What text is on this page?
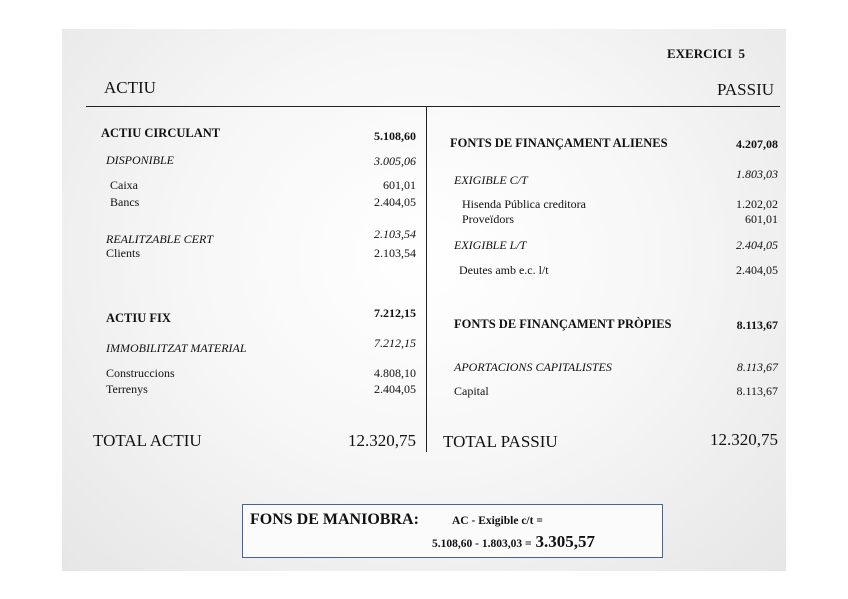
EXERCICI 5
ACTIU	PASSIU
ACTIU CIRCULANT	5.108,60
DISPONIBLE	3.005,06
Caixa	601,01
Bancs	2.404,05
REALITZABLE CERT	2.103,54
Clients	2.103,54
ACTIU FIX	7.212,15
IMMOBILITZAT MATERIAL	7.212,15
Construccions	4.808,10
Terrenys	2.404,05
TOTAL ACTIU	12.320,75
FONTS DE FINANÇAMENT ALIENES	4.207,08
EXIGIBLE C/T	1.803,03
Hisenda Pública creditora	1.202,02
Proveïdors	601,01
EXIGIBLE L/T	2.404,05
Deutes amb e.c. l/t	2.404,05
FONTS DE FINANÇAMENT PRÒPIES	8.113,67
APORTACIONS CAPITALISTES	8.113,67
Capital	8.113,67
TOTAL PASSIU	12.320,75
FONS DE MANIOBRA:	AC - Exigible c/t =
5.108,60 - 1.803,03 = 3.305,57
